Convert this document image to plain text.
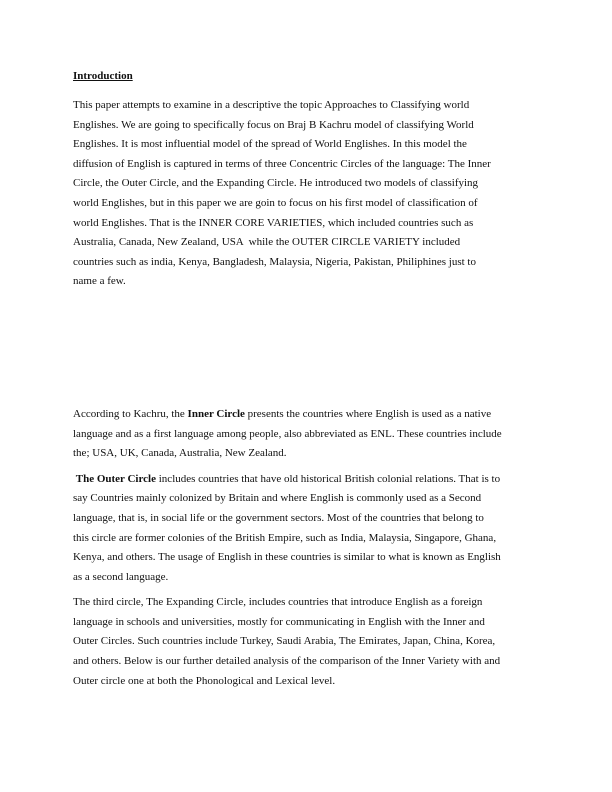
Introduction
This paper attempts to examine in a descriptive the topic Approaches to Classifying world
Englishes. We are going to specifically focus on Braj B Kachru model of classifying World
Englishes. It is most influential model of the spread of World Englishes. In this model the
diffusion of English is captured in terms of three Concentric Circles of the language: The Inner
Circle, the Outer Circle, and the Expanding Circle. He introduced two models of classifying
world Englishes, but in this paper we are goin to focus on his first model of classification of
world Englishes. That is the INNER CORE VARIETIES, which included countries such as
Australia, Canada, New Zealand, USA  while the OUTER CIRCLE VARIETY included
countries such as india, Kenya, Bangladesh, Malaysia, Nigeria, Pakistan, Philiphines just to
name a few.
According to Kachru, the Inner Circle presents the countries where English is used as a native
language and as a first language among people, also abbreviated as ENL. These countries include
the; USA, UK, Canada, Australia, New Zealand.
The Outer Circle includes countries that have old historical British colonial relations. That is to
say Countries mainly colonized by Britain and where English is commonly used as a Second
language, that is, in social life or the government sectors. Most of the countries that belong to
this circle are former colonies of the British Empire, such as India, Malaysia, Singapore, Ghana,
Kenya, and others. The usage of English in these countries is similar to what is known as English
as a second language.
The third circle, The Expanding Circle, includes countries that introduce English as a foreign
language in schools and universities, mostly for communicating in English with the Inner and
Outer Circles. Such countries include Turkey, Saudi Arabia, The Emirates, Japan, China, Korea,
and others. Below is our further detailed analysis of the comparison of the Inner Variety with and
Outer circle one at both the Phonological and Lexical level.
